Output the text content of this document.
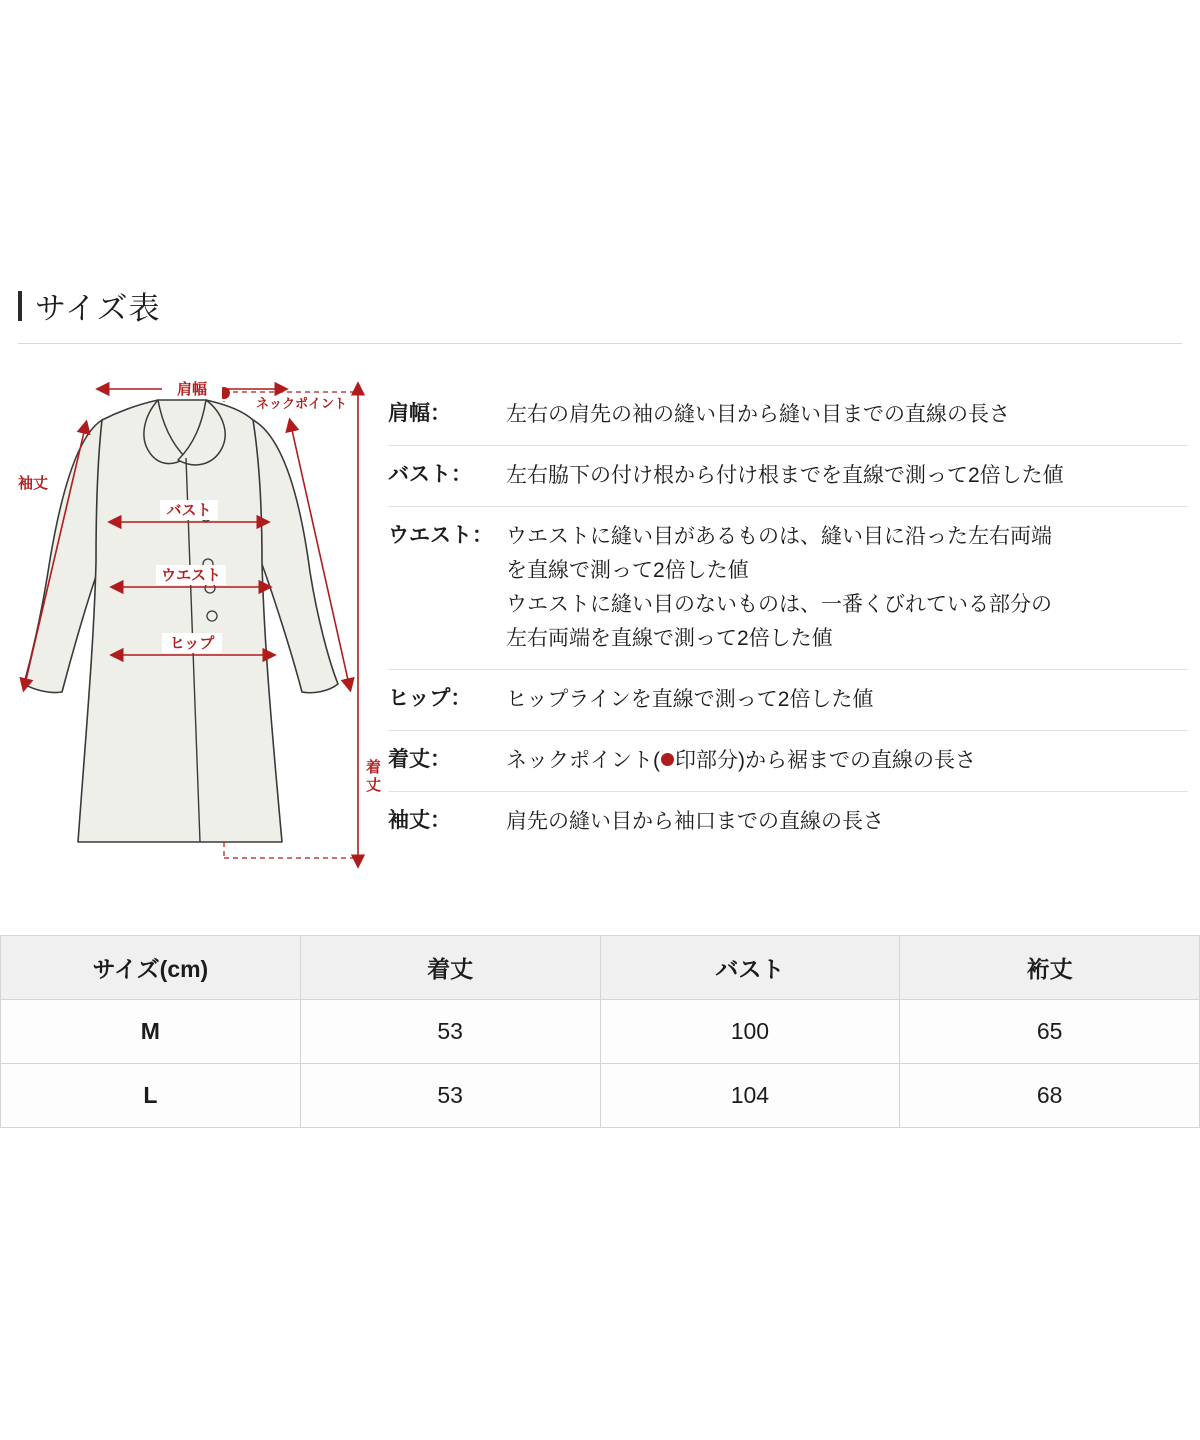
サイズ表
肩幅
ネックポイント
袖丈
バスト
ウエスト
ヒップ
着
丈
肩幅：	左右の肩先の袖の縫い目から縫い目までの直線の長さ
バスト：	左右脇下の付け根から付け根までを直線で測って2倍した値
ウエスト： ウエストに縫い目があるものは、縫い目に沿った左右両端
を直線で測って2倍した値
ウエストに縫い目のないものは、一番くびれている部分の
左右両端を直線で測って2倍した値
ヒップ：	ヒップラインを直線で測って2倍した値
着丈：	ネックポイント( 印部分)から裾までの直線の長さ
袖丈：	肩先の縫い目から袖口までの直線の長さ
サイズ(cm)	着丈	バスト	裄丈
M	53	100	65
L	53	104	68
